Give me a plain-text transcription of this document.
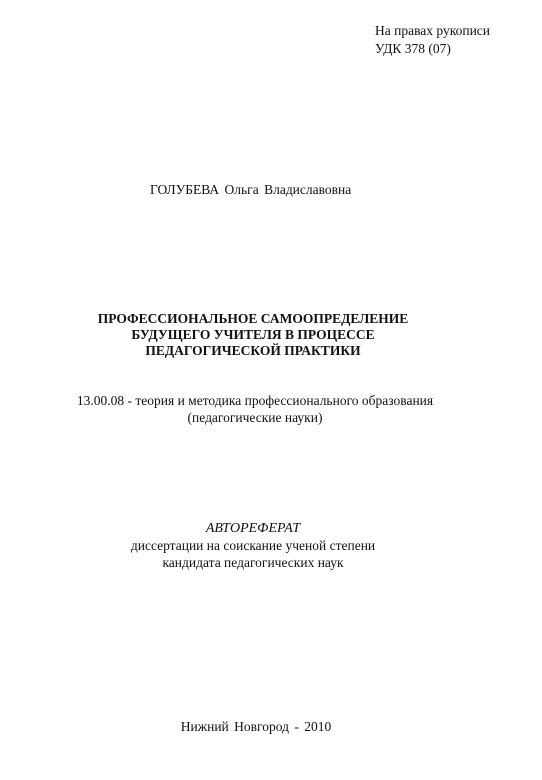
На правах рукописи
УДК 378 (07)
ГОЛУБЕВА Ольга Владиславовна
ПРОФЕССИОНАЛЬНОЕ САМООПРЕДЕЛЕНИЕ
БУДУЩЕГО УЧИТЕЛЯ В ПРОЦЕССЕ
ПЕДАГОГИЧЕСКОЙ ПРАКТИКИ
13.00.08 - теория и методика профессионального образования
(педагогические науки)
АВТОРЕФЕРАТ
диссертации на соискание ученой степени
кандидата педагогических наук
Нижний Новгород - 2010
